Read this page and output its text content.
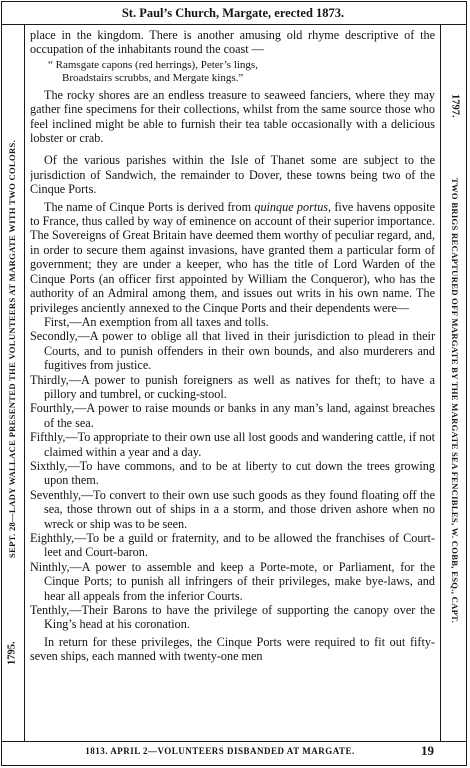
St. Paul’s Church, Margate, erected 1873.
1795.
SEPT. 28—LADY WALLACE PRESENTED THE VOLUNTEERS AT MARGATE WITH TWO COLORS.
1797.
TWO BRIGS RECAPTURED OFF MARGATE BY THE MARGATE SEA FENCIBLES, W. COBB, ESQ., CAPT.

place in the kingdom. There is another amusing old rhyme descriptive of the occupation of the inhabitants round the coast —

“ Ramsgate capons (red herrings), Peter’s lings,
Broadstairs scrubbs, and Mergate kings.”

The rocky shores are an endless treasure to seaweed fanciers, where they may gather fine specimens for their collections, whilst from the same source those who feel inclined might be able to furnish their tea table occasionally with a delicious lobster or crab.

Of the various parishes within the Isle of Thanet some are subject to the jurisdiction of Sandwich, the remainder to Dover, these towns being two of the Cinque Ports.

The name of Cinque Ports is derived from quinque portus, five havens opposite to France, thus called by way of eminence on account of their superior importance. The Sovereigns of Great Britain have deemed them worthy of peculiar regard, and, in order to secure them against invasions, have granted them a particular form of government; they are under a keeper, who has the title of Lord Warden of the Cinque Ports (an officer first appointed by William the Conqueror), who has the authority of an Admiral among them, and issues out writs in his own name. The privileges anciently annexed to the Cinque Ports and their dependents were—

First,—An exemption from all taxes and tolls.

Secondly,—A power to oblige all that lived in their jurisdiction to plead in their Courts, and to punish offenders in their own bounds, and also murderers and fugitives from justice.

Thirdly,—A power to punish foreigners as well as natives for theft; to have a pillory and tumbrel, or cucking-stool.

Fourthly,—A power to raise mounds or banks in any man’s land, against breaches of the sea.

Fifthly,—To appropriate to their own use all lost goods and wandering cattle, if not claimed within a year and a day.

Sixthly,—To have commons, and to be at liberty to cut down the trees growing upon them.

Seventhly,—To convert to their own use such goods as they found floating off the sea, those thrown out of ships in a a storm, and those driven ashore when no wreck or ship was to be seen.

Eighthly,—To be a guild or fraternity, and to be allowed the franchises of Court-leet and Court-baron.

Ninthly,—A power to assemble and keep a Porte-mote, or Parliament, for the Cinque Ports; to punish all infringers of their privileges, make bye-laws, and hear all appeals from the inferior Courts.

Tenthly,—Their Barons to have the privilege of supporting the canopy over the King’s head at his coronation.

In return for these privileges, the Cinque Ports were required to fit out fifty-seven ships, each manned with twenty-one men

1813. APRIL 2—VOLUNTEERS DISBANDED AT MARGATE.	19
